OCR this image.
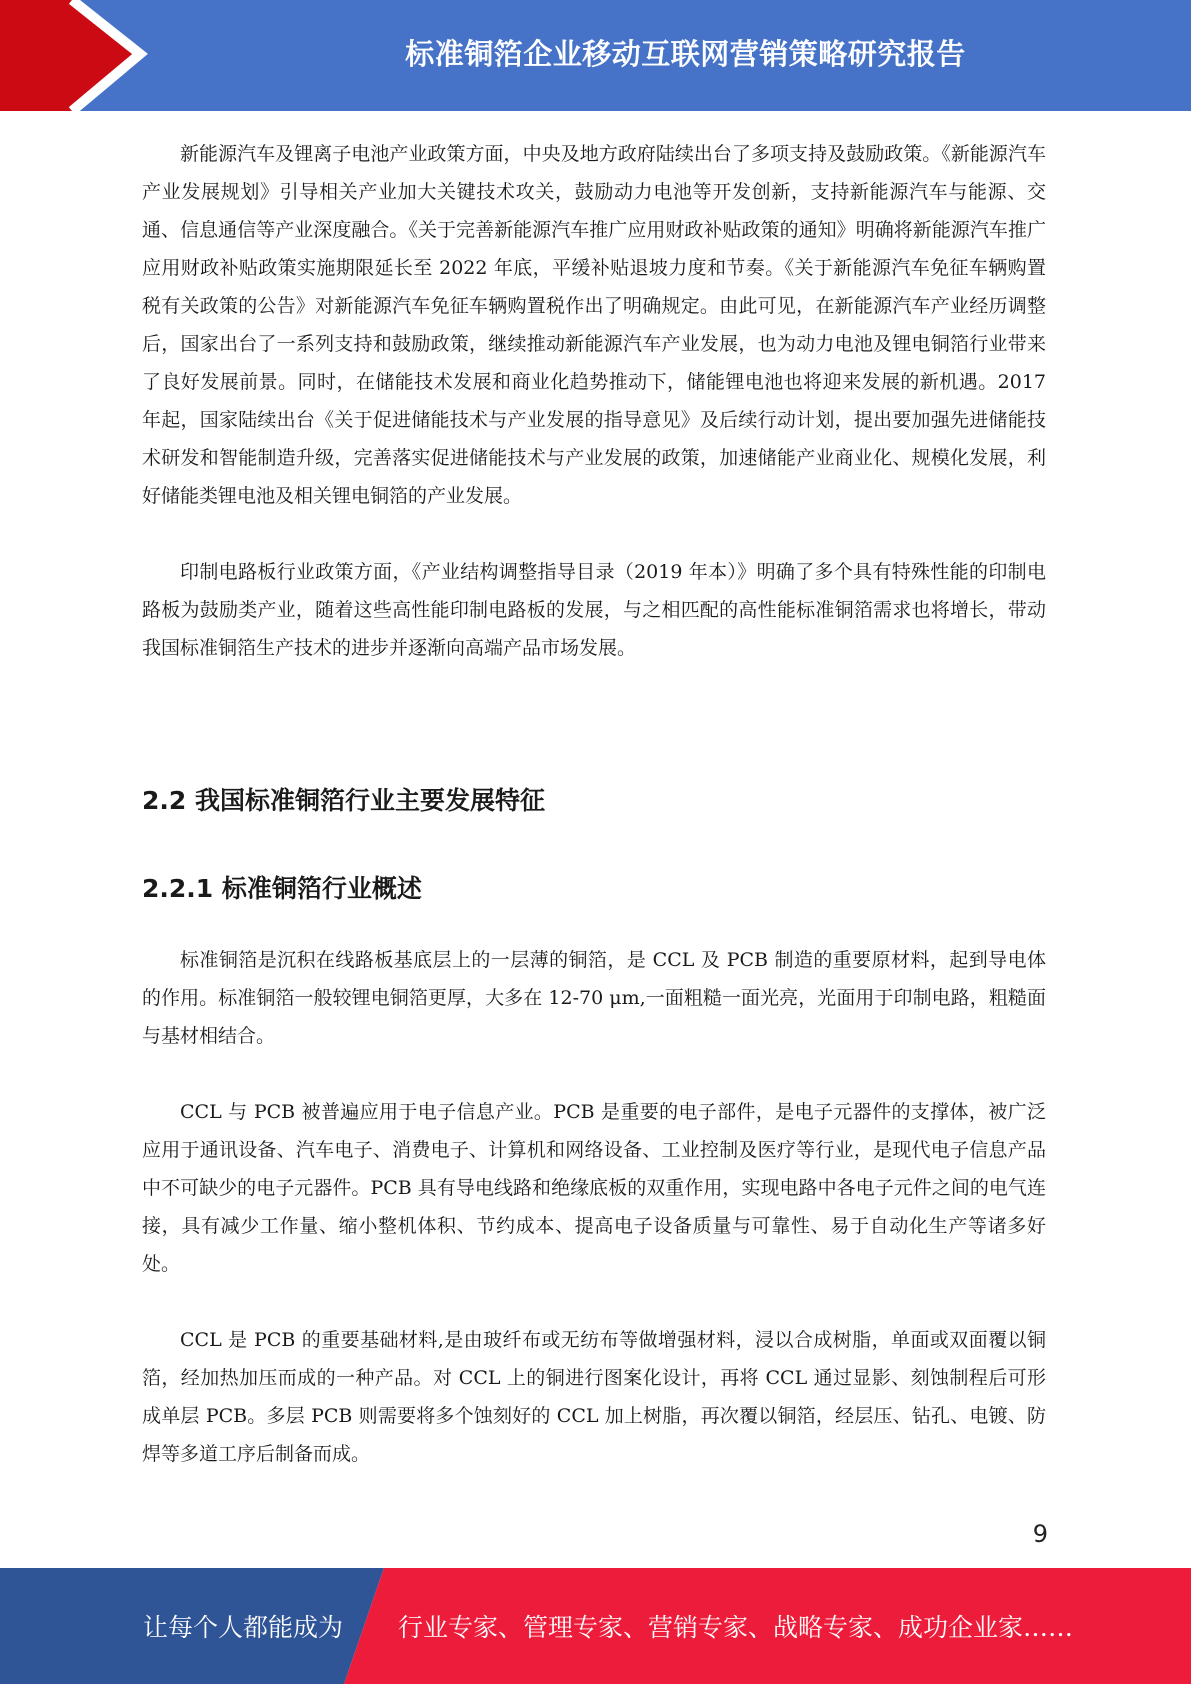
标准铜箔企业移动互联网营销策略研究报告

新能源汽车及锂离子电池产业政策方面，中央及地方政府陆续出台了多项支持及鼓励政策。《新能源汽车产业发展规划》引导相关产业加大关键技术攻关，鼓励动力电池等开发创新，支持新能源汽车与能源、交通、信息通信等产业深度融合。《关于完善新能源汽车推广应用财政补贴政策的通知》明确将新能源汽车推广应用财政补贴政策实施期限延长至 2022 年底，平缓补贴退坡力度和节奏。《关于新能源汽车免征车辆购置税有关政策的公告》对新能源汽车免征车辆购置税作出了明确规定。由此可见，在新能源汽车产业经历调整后，国家出台了一系列支持和鼓励政策，继续推动新能源汽车产业发展，也为动力电池及锂电铜箔行业带来了良好发展前景。同时，在储能技术发展和商业化趋势推动下，储能锂电池也将迎来发展的新机遇。2017 年起，国家陆续出台《关于促进储能技术与产业发展的指导意见》及后续行动计划，提出要加强先进储能技术研发和智能制造升级，完善落实促进储能技术与产业发展的政策，加速储能产业商业化、规模化发展，利好储能类锂电池及相关锂电铜箔的产业发展。

印制电路板行业政策方面，《产业结构调整指导目录（2019 年本）》明确了多个具有特殊性能的印制电路板为鼓励类产业，随着这些高性能印制电路板的发展，与之相匹配的高性能标准铜箔需求也将增长，带动我国标准铜箔生产技术的进步并逐渐向高端产品市场发展。

2.2 我国标准铜箔行业主要发展特征
2.2.1 标准铜箔行业概述

标准铜箔是沉积在线路板基底层上的一层薄的铜箔，是 CCL 及 PCB 制造的重要原材料，起到导电体的作用。标准铜箔一般较锂电铜箔更厚，大多在 12-70 μm,一面粗糙一面光亮，光面用于印制电路，粗糙面与基材相结合。

CCL 与 PCB 被普遍应用于电子信息产业。PCB 是重要的电子部件，是电子元器件的支撑体，被广泛应用于通讯设备、汽车电子、消费电子、计算机和网络设备、工业控制及医疗等行业，是现代电子信息产品中不可缺少的电子元器件。PCB 具有导电线路和绝缘底板的双重作用，实现电路中各电子元件之间的电气连接，具有减少工作量、缩小整机体积、节约成本、提高电子设备质量与可靠性、易于自动化生产等诸多好处。

CCL 是 PCB 的重要基础材料,是由玻纤布或无纺布等做增强材料，浸以合成树脂，单面或双面覆以铜箔，经加热加压而成的一种产品。对 CCL 上的铜进行图案化设计，再将 CCL 通过显影、刻蚀制程后可形成单层 PCB。多层 PCB 则需要将多个蚀刻好的 CCL 加上树脂，再次覆以铜箔，经层压、钻孔、电镀、防焊等多道工序后制备而成。

9
让每个人都能成为 行业专家、管理专家、营销专家、战略专家、成功企业家……
